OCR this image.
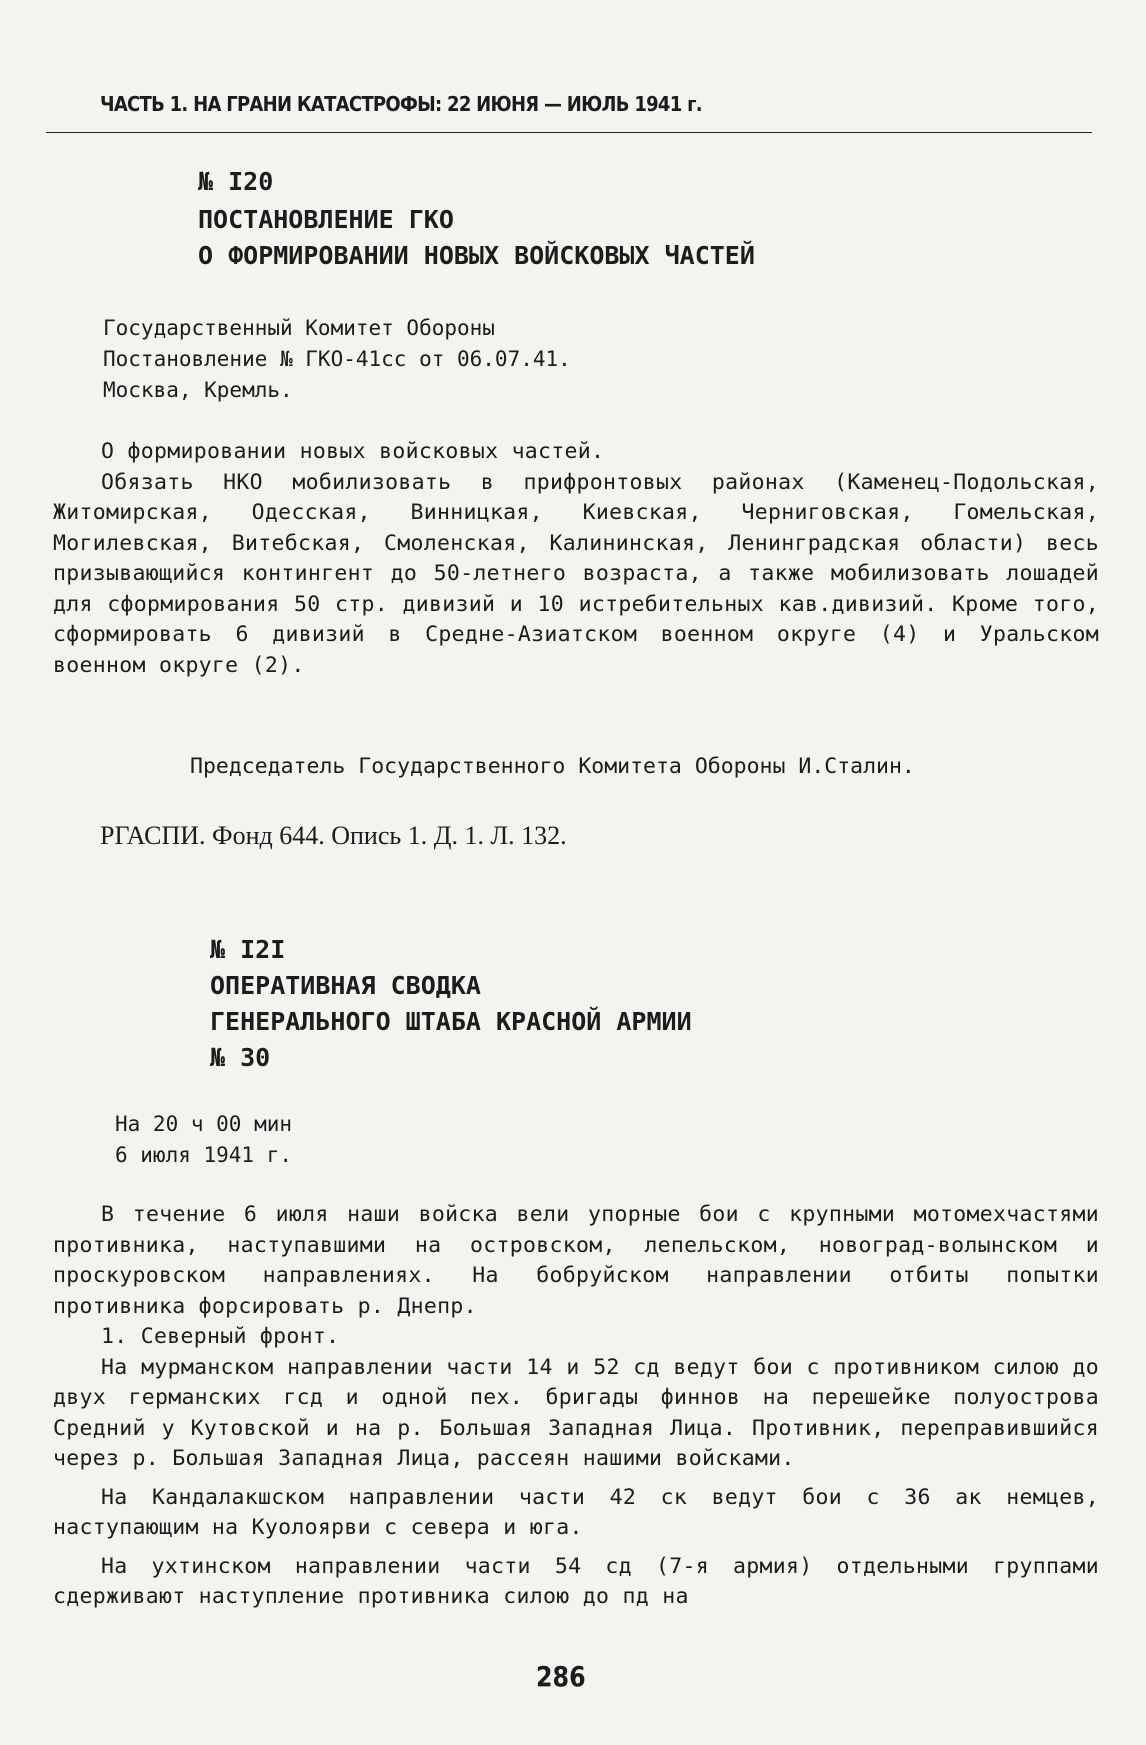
ЧАСТЬ 1. НА ГРАНИ КАТАСТРОФЫ: 22 ИЮНЯ — ИЮЛЬ 1941 г.
№ I20
ПОСТАНОВЛЕНИЕ ГКО
О ФОРМИРОВАНИИ НОВЫХ ВОЙСКОВЫХ ЧАСТЕЙ
Государственный Комитет Обороны
Постановление № ГКО-41сс от 06.07.41.
Москва, Кремль.

О формировании новых войсковых частей.

Обязать НКО мобилизовать в прифронтовых районах (Каменец-Подольская, Житомирская, Одесская, Винницкая, Киевская, Черниговская, Гомельская, Могилевская, Витебская, Смоленская, Калининская, Ленинградская области) весь призывающийся контингент до 50-летнего возраста, а также мобилизовать лошадей для сформирования 50 стр. дивизий и 10 истребительных кав.дивизий. Кроме того, сформировать 6 дивизий в Средне-Азиатском военном округе (4) и Уральском военном округе (2).

Председатель Государственного Комитета Обороны И.Сталин.
РГАСПИ. Фонд 644. Опись 1. Д. 1. Л. 132.
№ I2I
ОПЕРАТИВНАЯ СВОДКА
ГЕНЕРАЛЬНОГО ШТАБА КРАСНОЙ АРМИИ
№ 30
На 20 ч 00 мин
6 июля 1941 г.

В течение 6 июля наши войска вели упорные бои с крупными мотомехчастями противника, наступавшими на островском, лепельском, новоград-волынском и проскуровском направлениях. На бобруйском направлении отбиты попытки противника форсировать р. Днепр.

1. Северный фронт.

На мурманском направлении части 14 и 52 сд ведут бои с противником силою до двух германских гсд и одной пех. бригады финнов на перешейке полуострова Средний у Кутовской и на р. Большая Западная Лица. Противник, переправившийся через р. Большая Западная Лица, рассеян нашими войсками.

На Кандалакшском направлении части 42 ск ведут бои с 36 ак немцев, наступающим на Куолоярви с севера и юга.

На ухтинском направлении части 54 сд (7-я армия) отдельными группами сдерживают наступление противника силою до пд на

286
